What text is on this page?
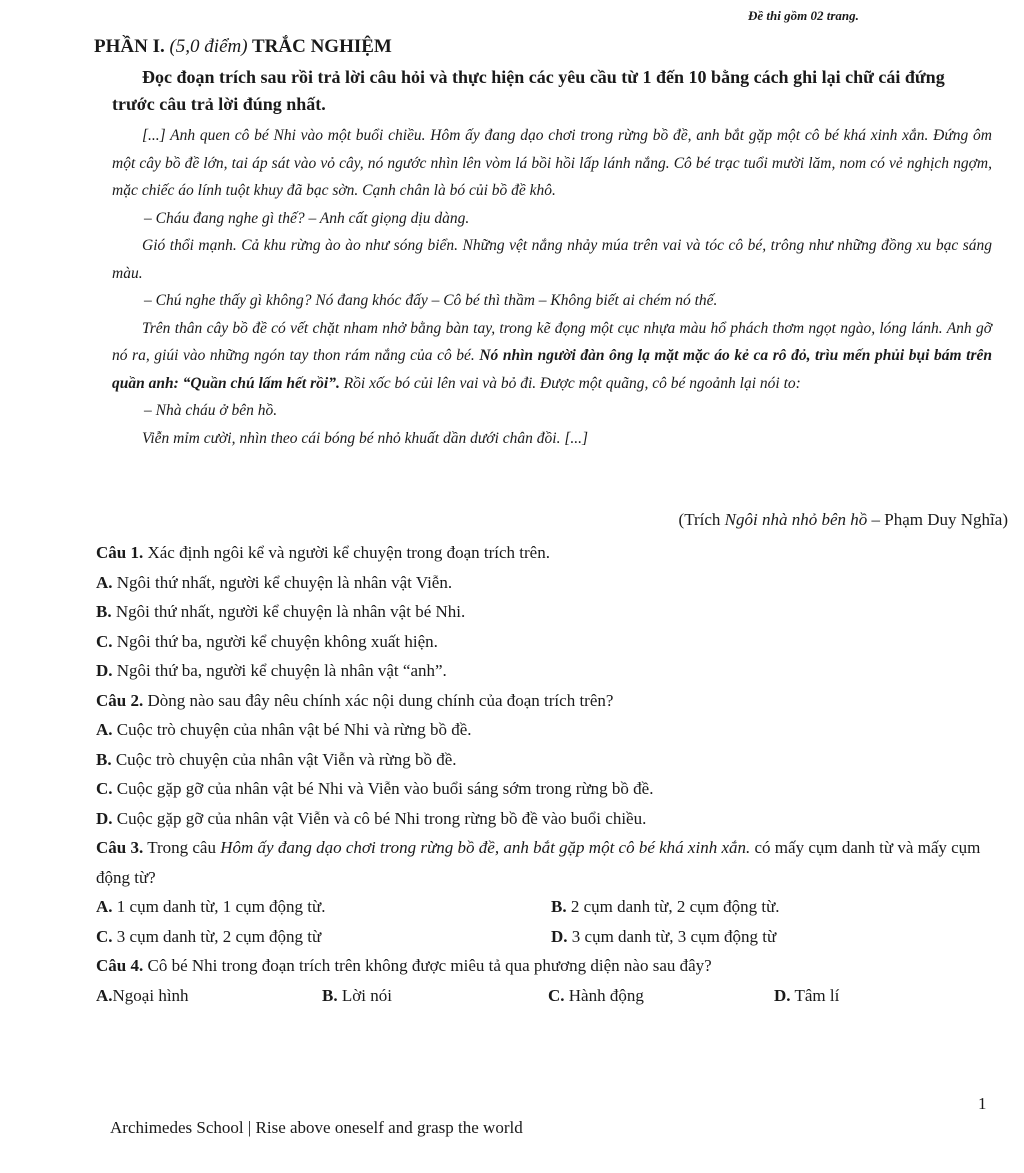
Đề thi gồm 02 trang.
PHẦN I. (5,0 điểm) TRẮC NGHIỆM
Đọc đoạn trích sau rồi trả lời câu hỏi và thực hiện các yêu cầu từ 1 đến 10 bằng cách ghi lại chữ cái đứng trước câu trả lời đúng nhất.

[...] Anh quen cô bé Nhi vào một buổi chiều. Hôm ấy đang dạo chơi trong rừng bồ đề, anh bắt gặp một cô bé khá xinh xắn. Đứng ôm một cây bồ đề lớn, tai áp sát vào vỏ cây, nó ngước nhìn lên vòm lá bồi hồi lấp lánh nắng. Cô bé trạc tuổi mười lăm, nom có vẻ nghịch ngợm, mặc chiếc áo lính tuột khuy đã bạc sờn. Cạnh chân là bó củi bồ đề khô.

– Cháu đang nghe gì thế? – Anh cất giọng dịu dàng.

Gió thổi mạnh. Cả khu rừng ào ào như sóng biển. Những vệt nắng nhảy múa trên vai và tóc cô bé, trông như những đồng xu bạc sáng màu.

– Chú nghe thấy gì không? Nó đang khóc đấy – Cô bé thì thầm – Không biết ai chém nó thế.

Trên thân cây bồ đề có vết chặt nham nhở bằng bàn tay, trong kẽ đọng một cục nhựa màu hổ phách thơm ngọt ngào, lóng lánh. Anh gỡ nó ra, giúi vào những ngón tay thon rám nắng của cô bé. Nó nhìn người đàn ông lạ mặt mặc áo kẻ ca rô đỏ, trìu mến phủi bụi bám trên quần anh: “Quần chú lấm hết rồi”. Rồi xốc bó củi lên vai và bỏ đi. Được một quãng, cô bé ngoảnh lại nói to:

– Nhà cháu ở bên hồ.

Viễn mỉm cười, nhìn theo cái bóng bé nhỏ khuất dần dưới chân đồi. [...]

(Trích Ngôi nhà nhỏ bên hồ – Phạm Duy Nghĩa)

Câu 1. Xác định ngôi kể và người kể chuyện trong đoạn trích trên.

A. Ngôi thứ nhất, người kể chuyện là nhân vật Viễn.
B. Ngôi thứ nhất, người kể chuyện là nhân vật bé Nhi.
C. Ngôi thứ ba, người kể chuyện không xuất hiện.
D. Ngôi thứ ba, người kể chuyện là nhân vật “anh”.

Câu 2. Dòng nào sau đây nêu chính xác nội dung chính của đoạn trích trên?

A. Cuộc trò chuyện của nhân vật bé Nhi và rừng bồ đề.
B. Cuộc trò chuyện của nhân vật Viễn và rừng bồ đề.
C. Cuộc gặp gỡ của nhân vật bé Nhi và Viễn vào buổi sáng sớm trong rừng bồ đề.
D. Cuộc gặp gỡ của nhân vật Viễn và cô bé Nhi trong rừng bồ đề vào buổi chiều.

Câu 3. Trong câu Hôm ấy đang dạo chơi trong rừng bồ đề, anh bắt gặp một cô bé khá xinh xắn. có mấy cụm danh từ và mấy cụm động từ?

A. 1 cụm danh từ, 1 cụm động từ.	B. 2 cụm danh từ, 2 cụm động từ.
C. 3 cụm danh từ, 2 cụm động từ	D. 3 cụm danh từ, 3 cụm động từ

Câu 4. Cô bé Nhi trong đoạn trích trên không được miêu tả qua phương diện nào sau đây?

A.Ngoại hình	B. Lời nói	C. Hành động	D. Tâm lí
1
Archimedes School | Rise above oneself and grasp the world
